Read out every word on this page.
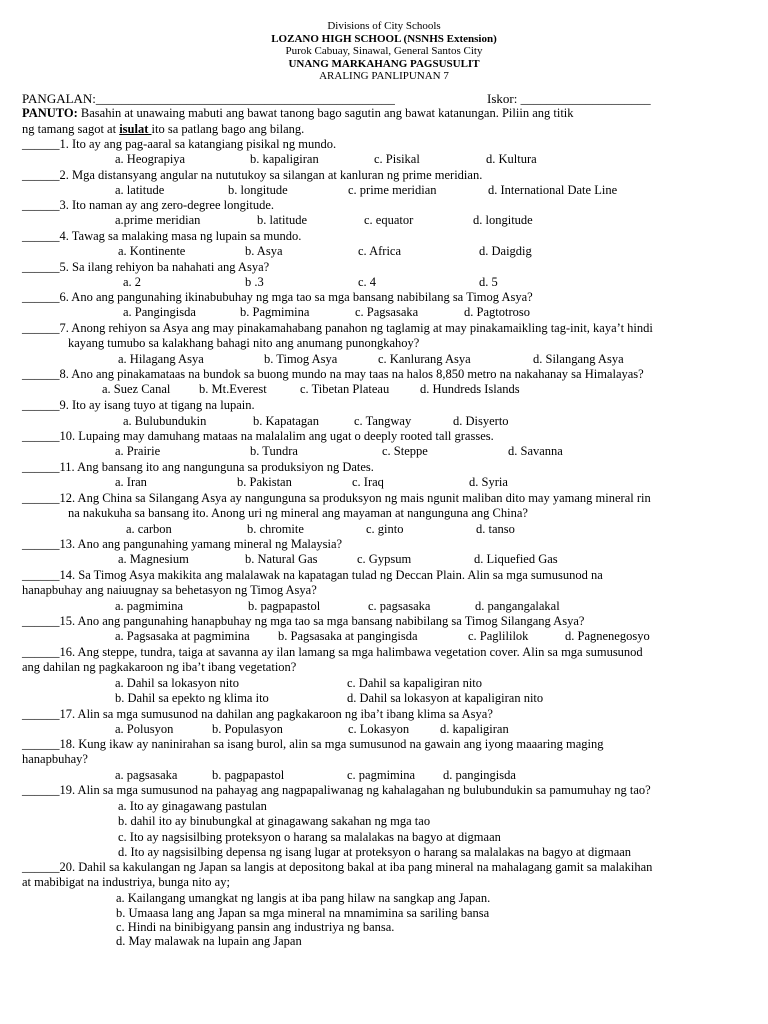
Divisions of City Schools
LOZANO HIGH SCHOOL (NSNHS Extension)
Purok Cabuay, Sinawal, General Santos City
UNANG MARKAHANG PAGSUSULIT
ARALING PANLIPUNAN 7
PANGALAN:______________________________________________	Iskor: ____________________
PANUTO: Basahin at unawaing mabuti ang bawat tanong bago sagutin ang bawat katanungan. Piliin ang titik
ng tamang sagot at isulat ito sa patlang bago ang bilang.
______1. Ito ay ang pag-aaral sa katangiang pisikal ng mundo.
a. Heograpiya	b. kapaligiran	c. Pisikal	d. Kultura
______2. Mga distansyang angular na nututukoy sa silangan at kanluran ng prime meridian.
a. latitude	b. longitude	c. prime meridian	d. International Date Line
______3. Ito naman ay ang zero-degree longitude.
a.prime meridian	b. latitude	c. equator	d. longitude
______4. Tawag sa malaking masa ng lupain sa mundo.
a. Kontinente	b. Asya	c. Africa	d. Daigdig
______5. Sa ilang rehiyon ba nahahati ang Asya?
a. 2	b .3	c. 4	d. 5
______6. Ano ang pangunahing ikinabubuhay ng mga tao sa mga bansang nabibilang sa Timog Asya?
a. Pangingisda	b. Pagmimina	c. Pagsasaka	d. Pagtotroso
______7. Anong rehiyon sa Asya ang may pinakamahabang panahon ng taglamig at may pinakamaikling tag-init, kaya’t hindi
kayang tumubo sa kalakhang bahagi nito ang anumang punongkahoy?
a. Hilagang Asya	b. Timog Asya	c. Kanlurang Asya	d. Silangang Asya
______8. Ano ang pinakamataas na bundok sa buong mundo na may taas na halos 8,850 metro na nakahanay sa Himalayas?
a. Suez Canal b. Mt.Everest	c. Tibetan Plateau d. Hundreds Islands
______9. Ito ay isang tuyo at tigang na lupain.
a. Bulubundukin	b. Kapatagan	c. Tangway	d. Disyerto
______10. Lupaing may damuhang mataas na malalalim ang ugat o deeply rooted tall grasses.
a. Prairie	b. Tundra	c. Steppe	d. Savanna
______11. Ang bansang ito ang nangunguna sa produksiyon ng Dates.
a. Iran	b. Pakistan	c. Iraq	d. Syria
______12. Ang China sa Silangang Asya ay nangunguna sa produksyon ng mais ngunit maliban dito may yamang mineral rin
na nakukuha sa bansang ito. Anong uri ng mineral ang mayaman at nangunguna ang China?
a. carbon	b. chromite	c. ginto	d. tanso
______13. Ano ang pangunahing yamang mineral ng Malaysia?
a. Magnesium	b. Natural Gas	c. Gypsum	d. Liquefied Gas
______14. Sa Timog Asya makikita ang malalawak na kapatagan tulad ng Deccan Plain. Alin sa mga sumusunod na
hanapbuhay ang naiuugnay sa behetasyon ng Timog Asya?
a. pagmimina	b. pagpapastol	c. pagsasaka	d. pangangalakal
______15. Ano ang pangunahing hanapbuhay ng mga tao sa mga bansang nabibilang sa Timog Silangang Asya?
a. Pagsasaka at pagmimina b. Pagsasaka at pangingisda	c. Paglililok	d. Pagnenegosyo
______16. Ang steppe, tundra, taiga at savanna ay ilan lamang sa mga halimbawa vegetation cover. Alin sa mga sumusunod
ang dahilan ng pagkakaroon ng iba’t ibang vegetation?
a. Dahil sa lokasyon nito	c. Dahil sa kapaligiran nito
b. Dahil sa epekto ng klima ito	d. Dahil sa lokasyon at kapaligiran nito
______17. Alin sa mga sumusunod na dahilan ang pagkakaroon ng iba’t ibang klima sa Asya?
a. Polusyon	b. Populasyon	c. Lokasyon d. kapaligiran
______18. Kung ikaw ay naninirahan sa isang burol, alin sa mga sumusunod na gawain ang iyong maaaring maging
hanapbuhay?
a. pagsasaka	b. pagpapastol	c. pagmimina d. pangingisda
______19. Alin sa mga sumusunod na pahayag ang nagpapaliwanag ng kahalagahan ng bulubundukin sa pamumuhay ng tao?
a. Ito ay ginagawang pastulan
b. dahil ito ay binubungkal at ginagawang sakahan ng mga tao
c. Ito ay nagsisilbing proteksyon o harang sa malalakas na bagyo at digmaan
d. Ito ay nagsisilbing depensa ng isang lugar at proteksyon o harang sa malalakas na bagyo at digmaan
______20. Dahil sa kakulangan ng Japan sa langis at depositong bakal at iba pang mineral na mahalagang gamit sa malakihan
at mabibigat na industriya, bunga nito ay;
a. Kailangang umangkat ng langis at iba pang hilaw na sangkap ang Japan.
b. Umaasa lang ang Japan sa mga mineral na mnamimina sa sariling bansa
c. Hindi na binibigyang pansin ang industriya ng bansa.
d. May malawak na lupain ang Japan
